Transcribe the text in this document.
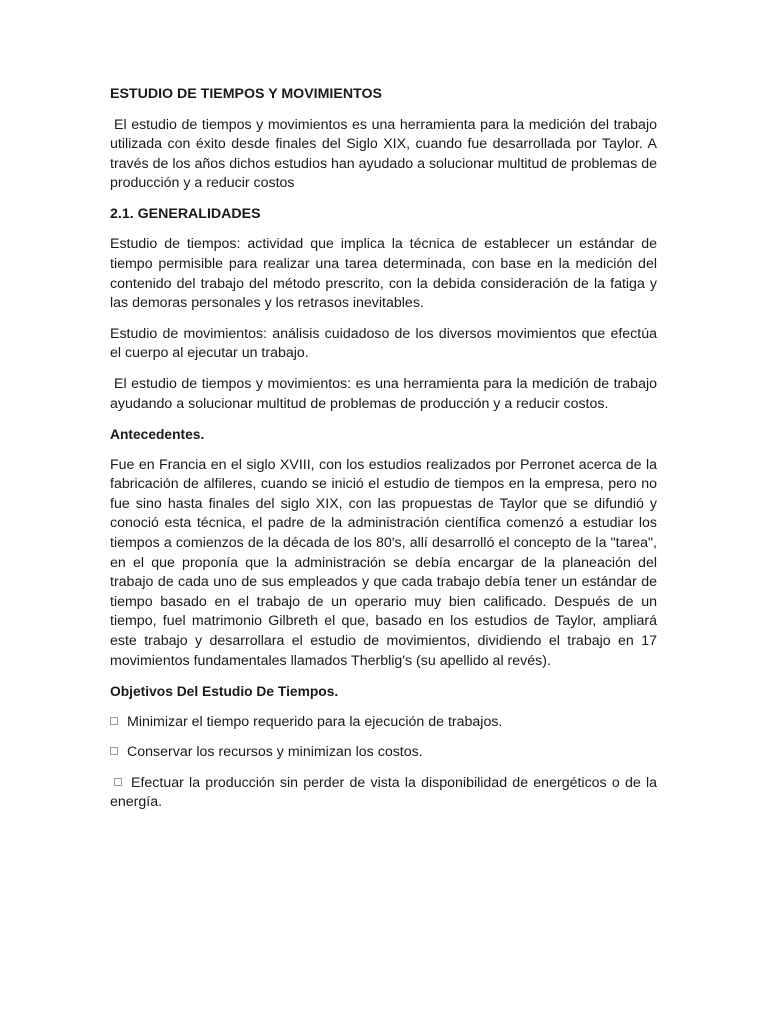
ESTUDIO DE TIEMPOS Y MOVIMIENTOS

El estudio de tiempos y movimientos es una herramienta para la medición del trabajo utilizada con éxito desde finales del Siglo XIX, cuando fue desarrollada por Taylor. A través de los años dichos estudios han ayudado a solucionar multitud de problemas de producción y a reducir costos

2.1. GENERALIDADES

Estudio de tiempos: actividad que implica la técnica de establecer un estándar de tiempo permisible para realizar una tarea determinada, con base en la medición del contenido del trabajo del método prescrito, con la debida consideración de la fatiga y las demoras personales y los retrasos inevitables.

Estudio de movimientos: análisis cuidadoso de los diversos movimientos que efectúa el cuerpo al ejecutar un trabajo.

El estudio de tiempos y movimientos: es una herramienta para la medición de trabajo ayudando a solucionar multitud de problemas de producción y a reducir costos.

Antecedentes.

Fue en Francia en el siglo XVIII, con los estudios realizados por Perronet acerca de la fabricación de alfileres, cuando se inició el estudio de tiempos en la empresa, pero no fue sino hasta finales del siglo XIX, con las propuestas de Taylor que se difundió y conoció esta técnica, el padre de la administración científica comenzó a estudiar los tiempos a comienzos de la década de los 80's, allí desarrolló el concepto de la "tarea", en el que proponía que la administración se debía encargar de la planeación del trabajo de cada uno de sus empleados y que cada trabajo debía tener un estándar de tiempo basado en el trabajo de un operario muy bien calificado. Después de un tiempo, fuel matrimonio Gilbreth el que, basado en los estudios de Taylor, ampliará este trabajo y desarrollara el estudio de movimientos, dividiendo el trabajo en 17 movimientos fundamentales llamados Therblig's (su apellido al revés).

Objetivos Del Estudio De Tiempos.
Minimizar el tiempo requerido para la ejecución de trabajos.
Conservar los recursos y minimizan los costos.
Efectuar la producción sin perder de vista la disponibilidad de energéticos o de la energía.
